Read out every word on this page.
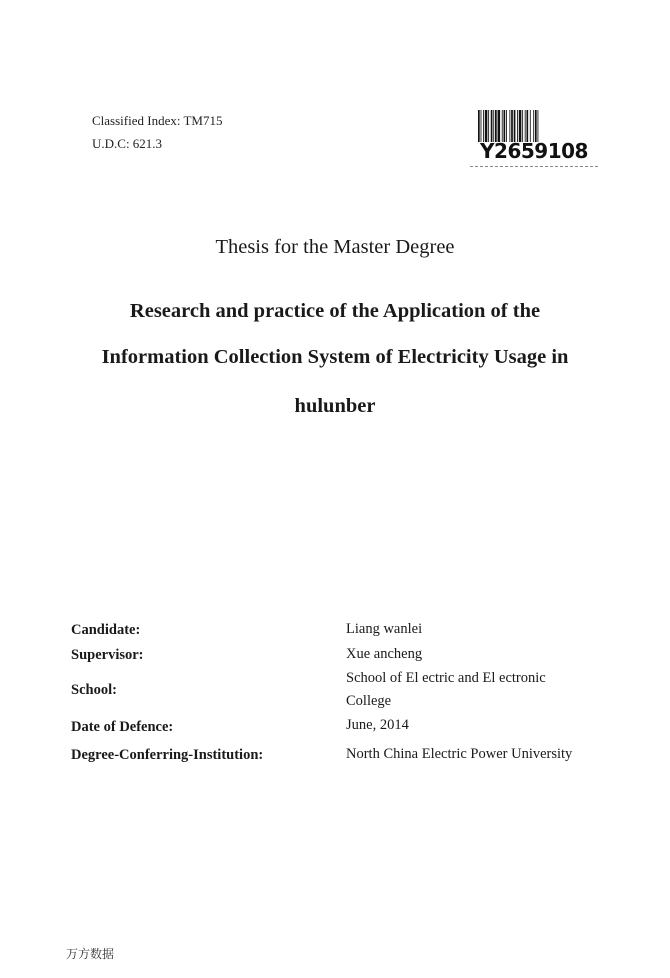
Classified Index: TM715
U.D.C: 621.3	Y2659108
Thesis for the Master Degree
Research and practice of the Application of the
Information Collection System of Electricity Usage in
hulunber
Candidate:	Liang wanlei
Supervisor:	Xue ancheng
School:
School of El ectric and El ectronic
College
Date of Defence:	June, 2014
Degree-Conferring-Institution:	North China Electric Power University
万方数据
